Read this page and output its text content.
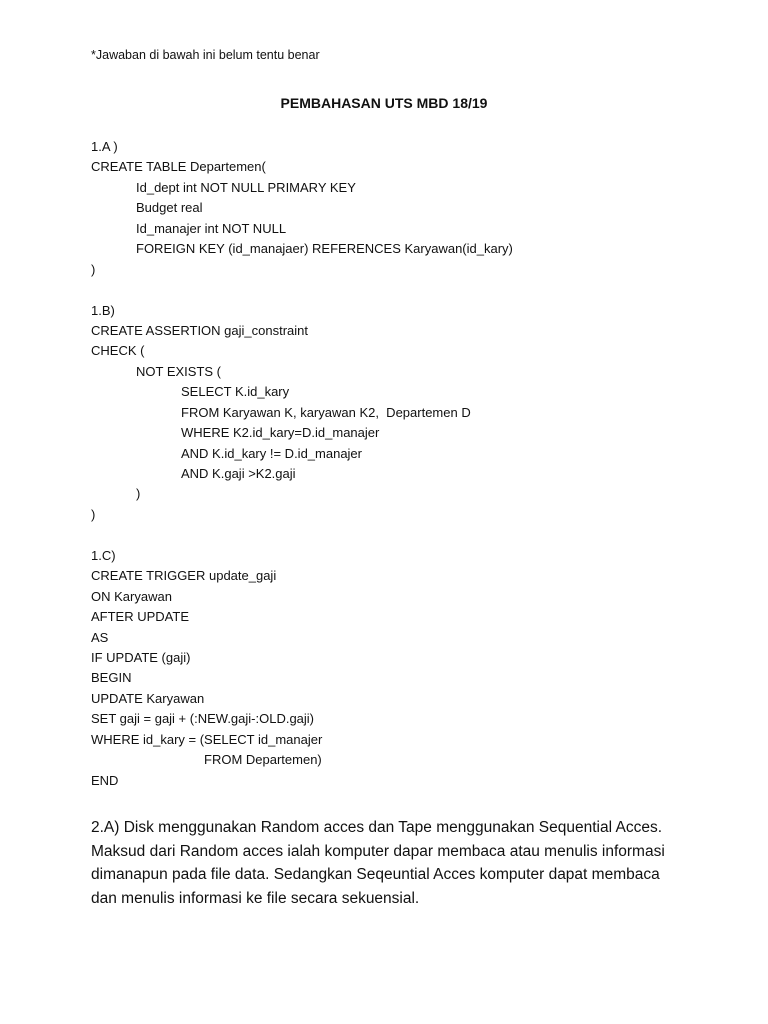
*Jawaban di bawah ini belum tentu benar
PEMBAHASAN UTS MBD 18/19
1.A )
CREATE TABLE Departemen(
Id_dept int NOT NULL PRIMARY KEY
Budget real
Id_manajer int NOT NULL
FOREIGN KEY (id_manajaer) REFERENCES Karyawan(id_kary)
)
1.B)
CREATE ASSERTION gaji_constraint
CHECK (
NOT EXISTS (
SELECT K.id_kary
FROM Karyawan K, karyawan K2,  Departemen D
WHERE K2.id_kary=D.id_manajer
AND K.id_kary != D.id_manajer
AND K.gaji >K2.gaji
)
)
1.C)
CREATE TRIGGER update_gaji
ON Karyawan
AFTER UPDATE
AS
IF UPDATE (gaji)
BEGIN
UPDATE Karyawan
SET gaji = gaji + (:NEW.gaji-:OLD.gaji)
WHERE id_kary = (SELECT id_manajer
FROM Departemen)
END
2.A) Disk menggunakan Random acces dan Tape menggunakan Sequential Acces.
Maksud dari Random acces ialah komputer dapar membaca atau menulis informasi
dimanapun pada file data. Sedangkan Seqeuntial Acces komputer dapat membaca
dan menulis informasi ke file secara sekuensial.
